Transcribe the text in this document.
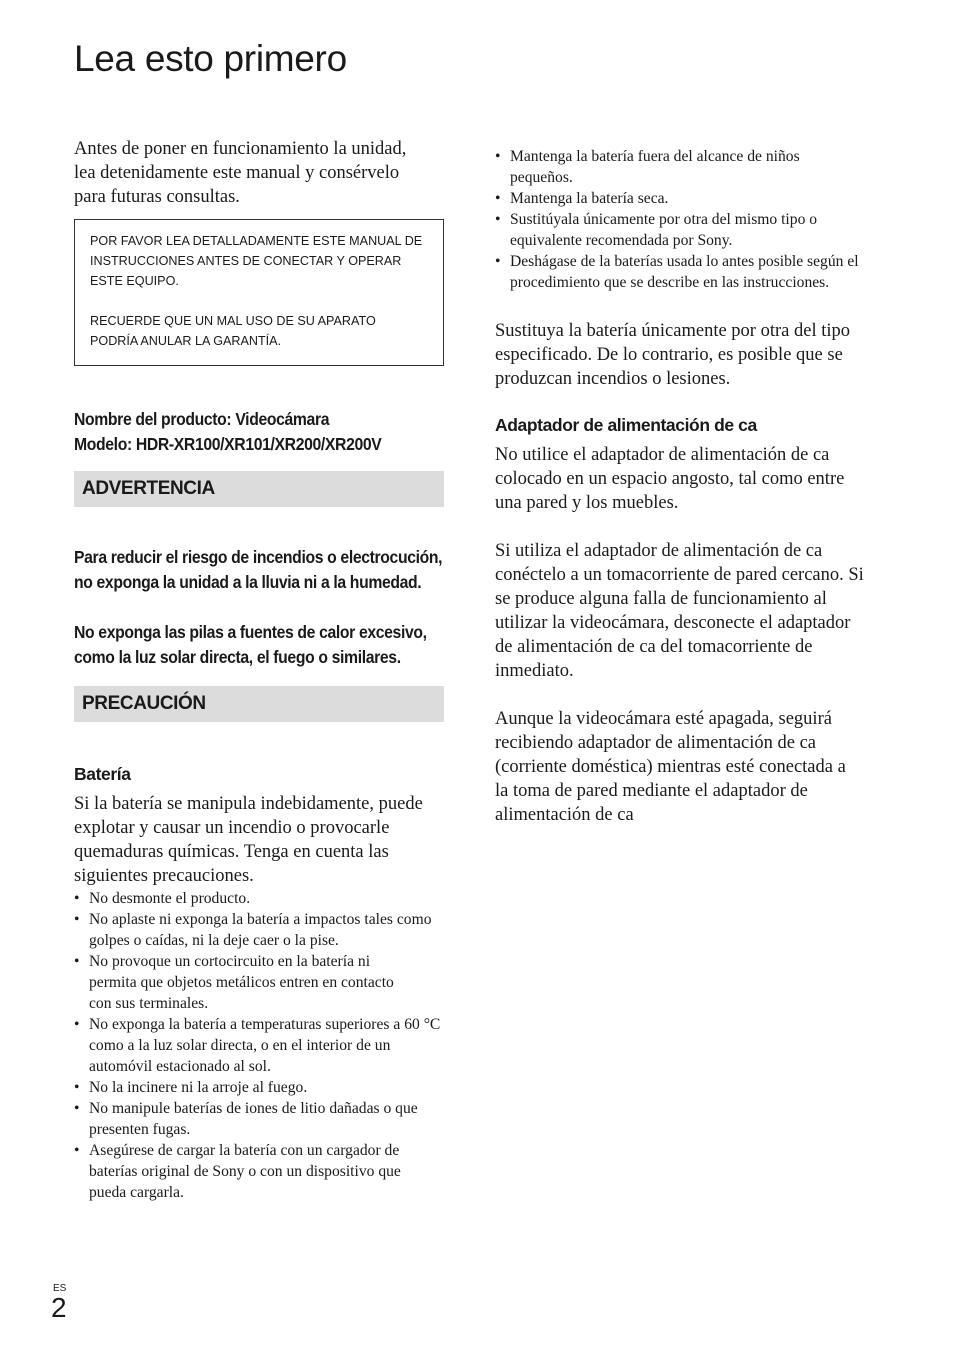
Lea esto primero

Antes de poner en funcionamiento la unidad, lea detenidamente este manual y consérvelo para futuras consultas.

POR FAVOR LEA DETALLADAMENTE ESTE MANUAL DE INSTRUCCIONES ANTES DE CONECTAR Y OPERAR ESTE EQUIPO.
RECUERDE QUE UN MAL USO DE SU APARATO PODRÍA ANULAR LA GARANTÍA.

Nombre del producto: Videocámara

Modelo: HDR-XR100/XR101/XR200/XR200V

ADVERTENCIA

Para reducir el riesgo de incendios o electrocución, no exponga la unidad a la lluvia ni a la humedad.

No exponga las pilas a fuentes de calor excesivo, como la luz solar directa, el fuego o similares.

PRECAUCIÓN

Batería

Si la batería se manipula indebidamente, puede explotar y causar un incendio o provocarle quemaduras químicas. Tenga en cuenta las siguientes precauciones.

• No desmonte el producto.
• No aplaste ni exponga la batería a impactos tales como golpes o caídas, ni la deje caer o la pise.
• No provoque un cortocircuito en la batería ni permita que objetos metálicos entren en contacto con sus terminales.
• No exponga la batería a temperaturas superiores a 60 °C como a la luz solar directa, o en el interior de un automóvil estacionado al sol.
• No la incinere ni la arroje al fuego.
• No manipule baterías de iones de litio dañadas o que presenten fugas.
• Asegúrese de cargar la batería con un cargador de baterías original de Sony o con un dispositivo que pueda cargarla.
• Mantenga la batería fuera del alcance de niños pequeños.
• Mantenga la batería seca.
• Sustitúyala únicamente por otra del mismo tipo o equivalente recomendada por Sony.
• Deshágase de la baterías usada lo antes posible según el procedimiento que se describe en las instrucciones.

Sustituya la batería únicamente por otra del tipo especificado. De lo contrario, es posible que se produzcan incendios o lesiones.

Adaptador de alimentación de ca

No utilice el adaptador de alimentación de ca colocado en un espacio angosto, tal como entre una pared y los muebles.

Si utiliza el adaptador de alimentación de ca conéctelo a un tomacorriente de pared cercano. Si se produce alguna falla de funcionamiento al utilizar la videocámara, desconecte el adaptador de alimentación de ca del tomacorriente de inmediato.

Aunque la videocámara esté apagada, seguirá recibiendo adaptador de alimentación de ca (corriente doméstica) mientras esté conectada a la toma de pared mediante el adaptador de alimentación de ca

ES
2
